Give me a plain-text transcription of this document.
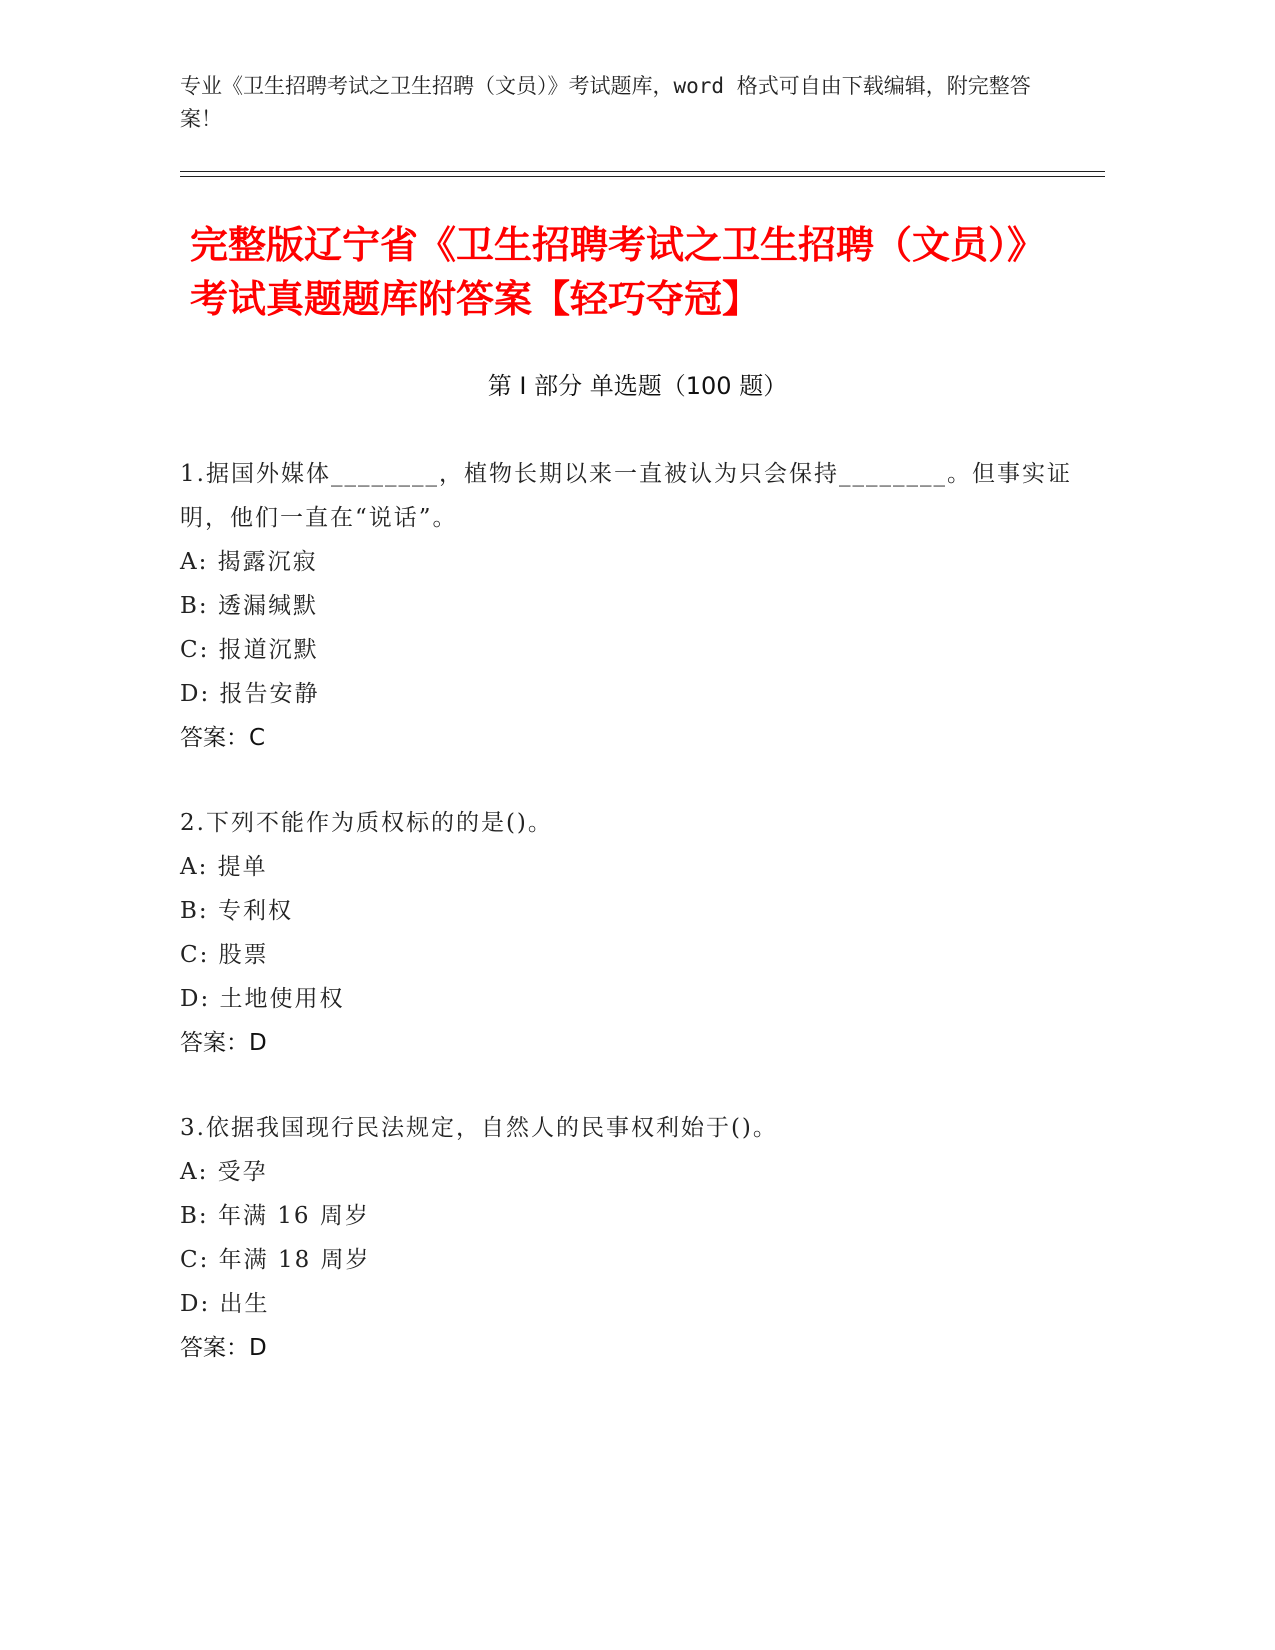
专业《卫生招聘考试之卫生招聘（文员）》考试题库，word 格式可自由下载编辑，附完整答案！
完整版辽宁省《卫生招聘考试之卫生招聘（文员）》考试真题题库附答案【轻巧夺冠】
第 I 部分 单选题（100 题）

1.据国外媒体________，植物长期以来一直被认为只会保持________。但事实证明，他们一直在“说话”。

A: 揭露沉寂

B: 透漏缄默

C: 报道沉默

D: 报告安静

答案：C

2.下列不能作为质权标的的是()。

A: 提单

B: 专利权

C: 股票

D: 土地使用权

答案：D

3.依据我国现行民法规定，自然人的民事权利始于()。

A: 受孕

B: 年满 16 周岁

C: 年满 18 周岁

D: 出生

答案：D
